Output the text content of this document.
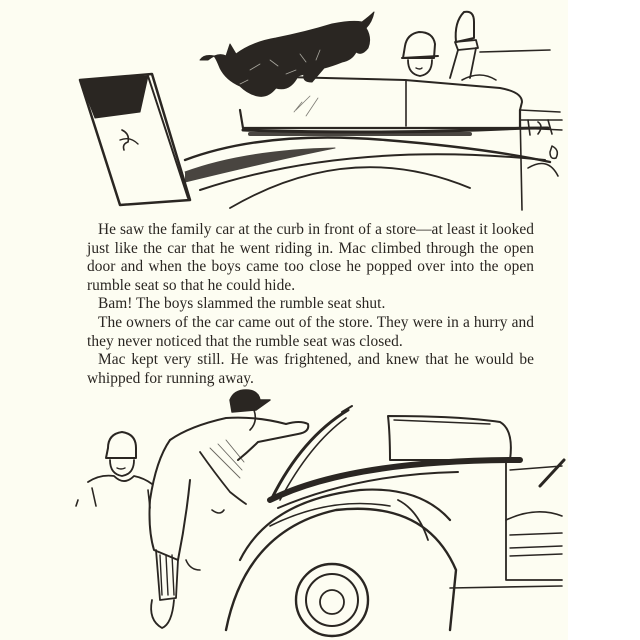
He saw the family car at the curb in front of a store—at least it looked just like the car that he went riding in. Mac climbed through the open door and when the boys came too close he popped over into the open rumble seat so that he could hide.

Bam! The boys slammed the rumble seat shut.

The owners of the car came out of the store. They were in a hurry and they never noticed that the rumble seat was closed.

Mac kept very still. He was frightened, and knew that he would be whipped for running away.
